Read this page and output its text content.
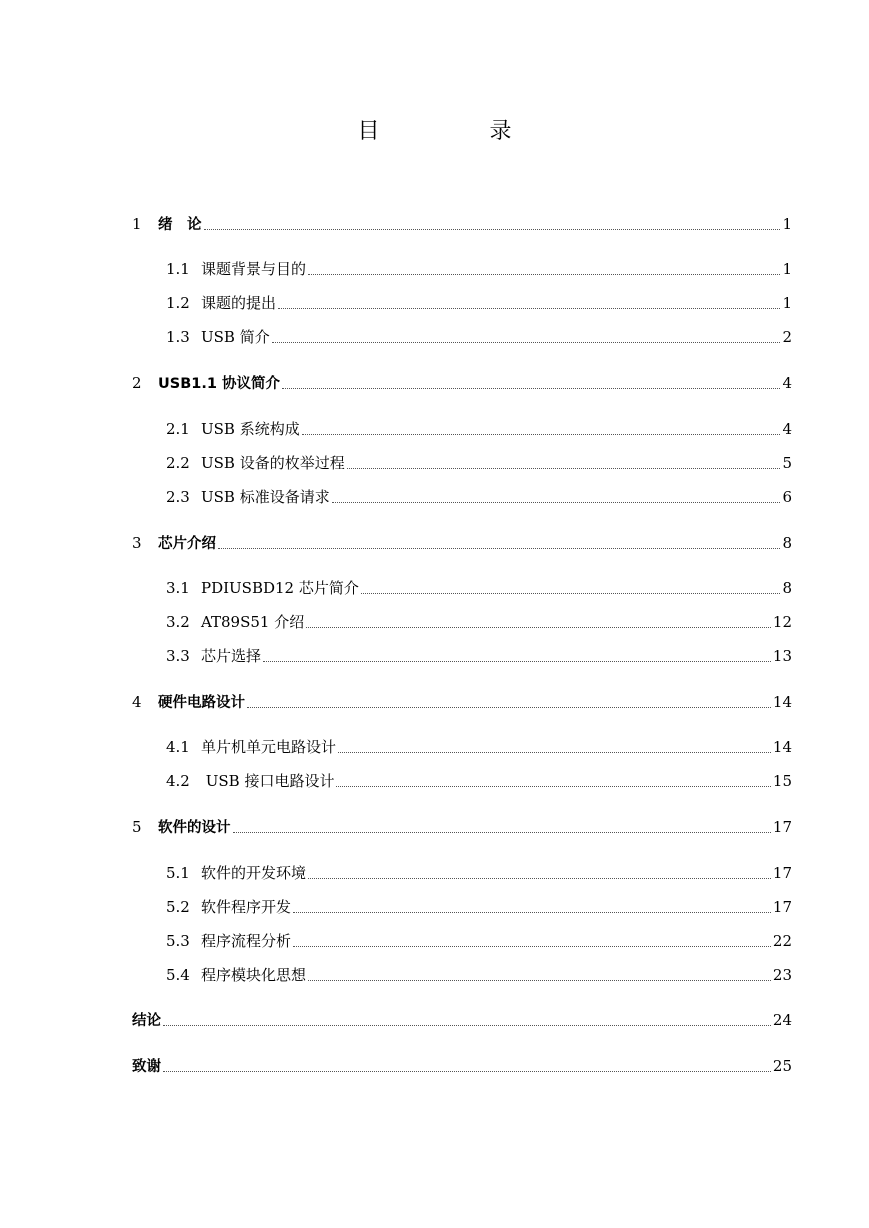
目　录
1	绪　论	1
1.1 课题背景与目的	1
1.2 课题的提出	1
1.3 USB 简介	2
2	USB1.1 协议简介	4
2.1 USB 系统构成	4
2.2 USB 设备的枚举过程	5
2.3 USB 标准设备请求	6
3	芯片介绍	8
3.1 PDIUSBD12 芯片简介	8
3.2 AT89S51 介绍	12
3.3 芯片选择	13
4	硬件电路设计	14
4.1 单片机单元电路设计	14
4.2 USB 接口电路设计	15
5	软件的设计	17
5.1 软件的开发环境	17
5.2 软件程序开发	17
5.3 程序流程分析	22
5.4 程序模块化思想	23
结论	24
致谢	25
